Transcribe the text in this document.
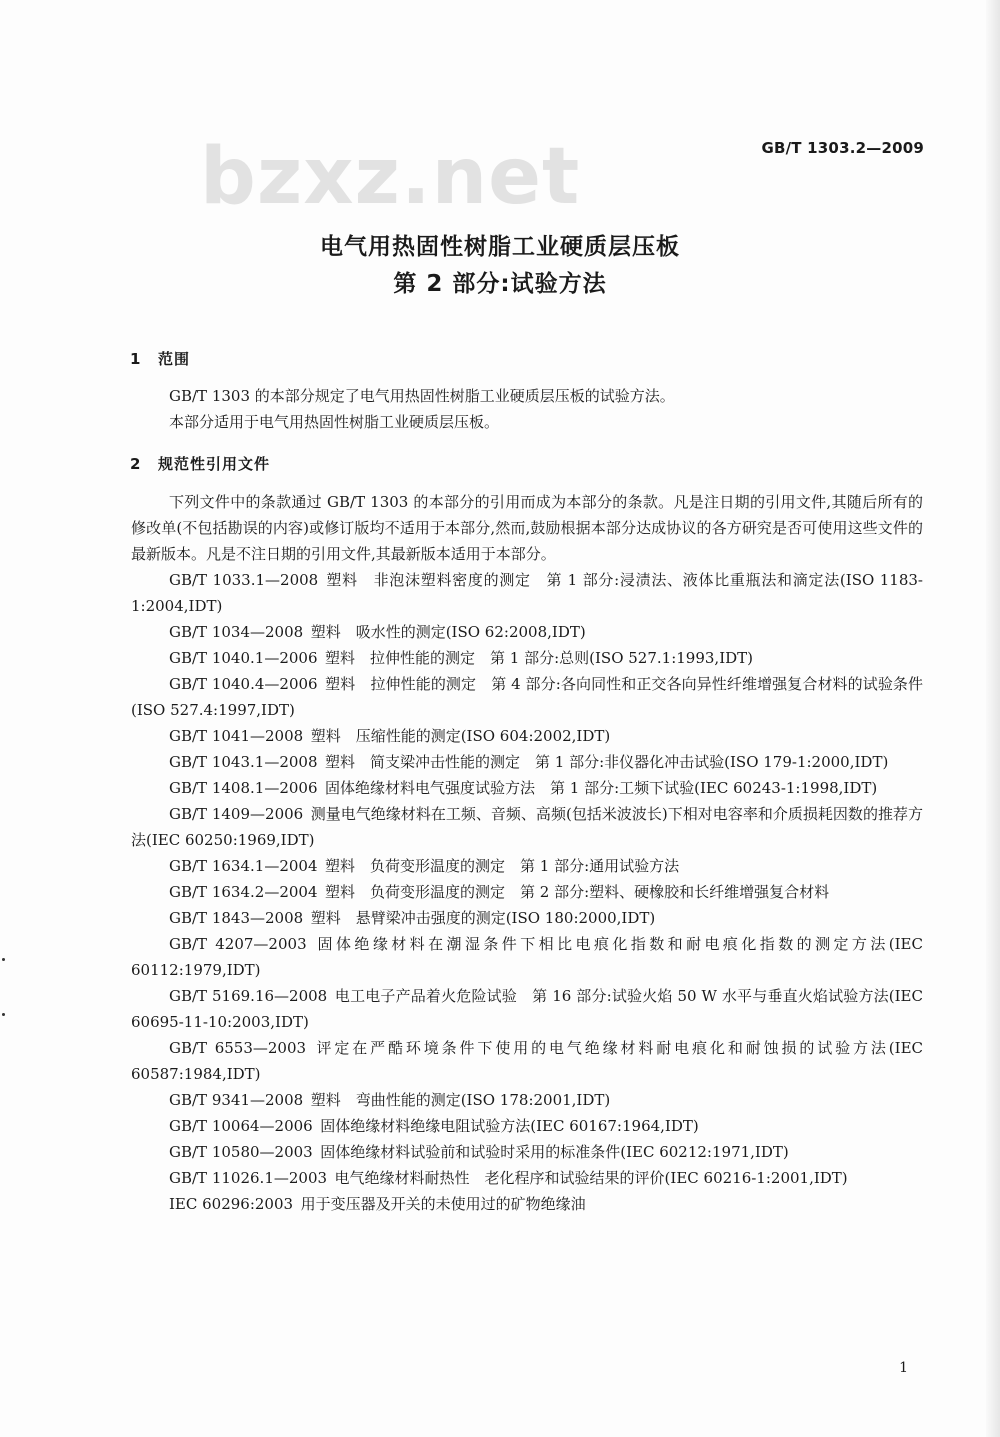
bzxz.net	GB/T 1303.2—2009
电气用热固性树脂工业硬质层压板
第 2 部分:试验方法
1 范围

GB/T 1303 的本部分规定了电气用热固性树脂工业硬质层压板的试验方法。

本部分适用于电气用热固性树脂工业硬质层压板。

2 规范性引用文件

下列文件中的条款通过 GB/T 1303 的本部分的引用而成为本部分的条款。凡是注日期的引用文件,其随后所有的修改单(不包括勘误的内容)或修订版均不适用于本部分,然而,鼓励根据本部分达成协议的各方研究是否可使用这些文件的最新版本。凡是不注日期的引用文件,其最新版本适用于本部分。

GB/T 1033.1—2008 塑料　非泡沫塑料密度的测定　第 1 部分:浸渍法、液体比重瓶法和滴定法(ISO 1183-1:2004,IDT)

GB/T 1034—2008 塑料　吸水性的测定(ISO 62:2008,IDT)

GB/T 1040.1—2006 塑料　拉伸性能的测定　第 1 部分:总则(ISO 527.1:1993,IDT)

GB/T 1040.4—2006 塑料　拉伸性能的测定　第 4 部分:各向同性和正交各向异性纤维增强复合材料的试验条件 (ISO 527.4:1997,IDT)

GB/T 1041—2008 塑料　压缩性能的测定(ISO 604:2002,IDT)

GB/T 1043.1—2008 塑料　简支梁冲击性能的测定　第 1 部分:非仪器化冲击试验(ISO 179-1:2000,IDT)

GB/T 1408.1—2006 固体绝缘材料电气强度试验方法　第 1 部分:工频下试验(IEC 60243-1:1998,IDT)

GB/T 1409—2006 测量电气绝缘材料在工频、音频、高频(包括米波波长)下相对电容率和介质损耗因数的推荐方法(IEC 60250:1969,IDT)

GB/T 1634.1—2004 塑料　负荷变形温度的测定　第 1 部分:通用试验方法

GB/T 1634.2—2004 塑料　负荷变形温度的测定　第 2 部分:塑料、硬橡胶和长纤维增强复合材料

GB/T 1843—2008 塑料　悬臂梁冲击强度的测定(ISO 180:2000,IDT)

GB/T 4207—2003 固体绝缘材料在潮湿条件下相比电痕化指数和耐电痕化指数的测定方法(IEC 60112:1979,IDT)

GB/T 5169.16—2008 电工电子产品着火危险试验　第 16 部分:试验火焰 50 W 水平与垂直火焰试验方法(IEC 60695-11-10:2003,IDT)

GB/T 6553—2003 评定在严酷环境条件下使用的电气绝缘材料耐电痕化和耐蚀损的试验方法(IEC 60587:1984,IDT)

GB/T 9341—2008 塑料　弯曲性能的测定(ISO 178:2001,IDT)

GB/T 10064—2006 固体绝缘材料绝缘电阻试验方法(IEC 60167:1964,IDT)

GB/T 10580—2003 固体绝缘材料试验前和试验时采用的标准条件(IEC 60212:1971,IDT)

GB/T 11026.1—2003 电气绝缘材料耐热性　老化程序和试验结果的评价(IEC 60216-1:2001,IDT)

IEC 60296:2003 用于变压器及开关的未使用过的矿物绝缘油

1
